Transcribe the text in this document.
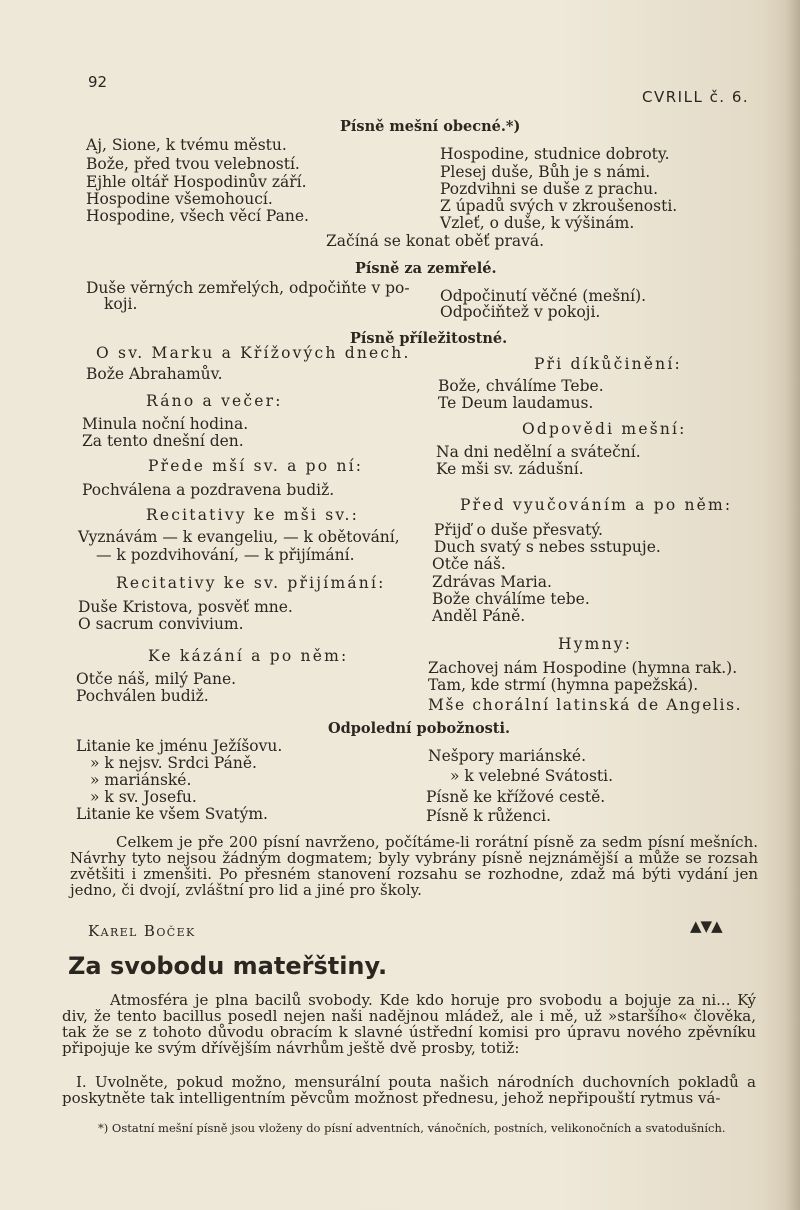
92
CVRILL č. 6.
Písně mešní obecné.*)
Aj, Sione, k tvému městu.
Bože, před tvou velebností.
Ejhle oltář Hospodinův září.
Hospodine všemohoucí.
Hospodine, všech věcí Pane.
Hospodine, studnice dobroty.
Plesej duše, Bůh je s námi.
Pozdvihni se duše z prachu.
Z úpadů svých v zkroušenosti.
Vzleť, o duše, k výšinám.
Začíná se konat oběť pravá.
Písně za zemřelé.
Duše věrných zemřelých, odpočiňte v po-
koji.	Odpočinutí věčné (mešní).
Odpočiňtež v pokoji.
Písně příležitostné.
O sv. Marku a Křížových dnech.
Bože Abrahamův.
Ráno a večer:
Minula noční hodina.
Za tento dnešní den.
Přede mší sv. a po ní:
Pochválena a pozdravena budiž.
Recitativy ke mši sv.:
Vyznávám — k evangeliu, — k obětování,
— k pozdvihování, — k přijímání.
Recitativy ke sv. přijímání:
Duše Kristova, posvěť mne.
O sacrum convivium.
Ke kázání a po něm:
Otče náš, milý Pane.
Pochválen budiž.
Při díkůčinění:
Bože, chválíme Tebe.
Te Deum laudamus.
Odpovědi mešní:
Na dni nedělní a sváteční.
Ke mši sv. zádušní.
Před vyučováním a po něm:
Přijď o duše přesvatý.
Duch svatý s nebes sstupuje.
Otče náš.
Zdrávas Maria.
Bože chválíme tebe.
Anděl Páně.
Hymny:
Zachovej nám Hospodine (hymna rak.).
Tam, kde strmí (hymna papežská).
Mše chorální latinská de Angelis.
Odpolední pobožnosti.
Litanie ke jménu Ježíšovu.
» k nejsv. Srdci Páně.
» mariánské.
» k sv. Josefu.
Litanie ke všem Svatým.
Nešpory mariánské.
» k velebné Svátosti.
Písně ke křížové cestě.
Písně k růženci.
Celkem je pře 200 písní navrženo, počítáme-li rorátní písně za sedm písní mešních. Návrhy tyto nejsou žádným dogmatem; byly vybrány písně nejznámější a může se rozsah zvětšiti i zmenšiti. Po přesném stanovení rozsahu se rozhodne, zdaž má býti vydání jen jedno, či dvojí, zvláštní pro lid a jiné pro školy.
Karel Boček	▲▼▲
Za svobodu mateřštiny.
Atmosféra je plna bacilů svobody. Kde kdo horuje pro svobodu a bojuje za ni... Ký div, že tento bacillus posedl nejen naši nadějnou mládež, ale i mě, už »staršího« člověka, tak že se z tohoto důvodu obracím k slavné ústřední komisi pro úpravu nového zpěvníku připojuje ke svým dřívějším návrhům ještě dvě prosby, totiž:
I. Uvolněte, pokud možno, mensurální pouta našich národních duchovních pokladů a poskytněte tak intelligentním pěvcům možnost přednesu, jehož nepřipouští rytmus vá-
*) Ostatní mešní písně jsou vloženy do písní adventních, vánočních, postních, velikonočních a svatodušních.
